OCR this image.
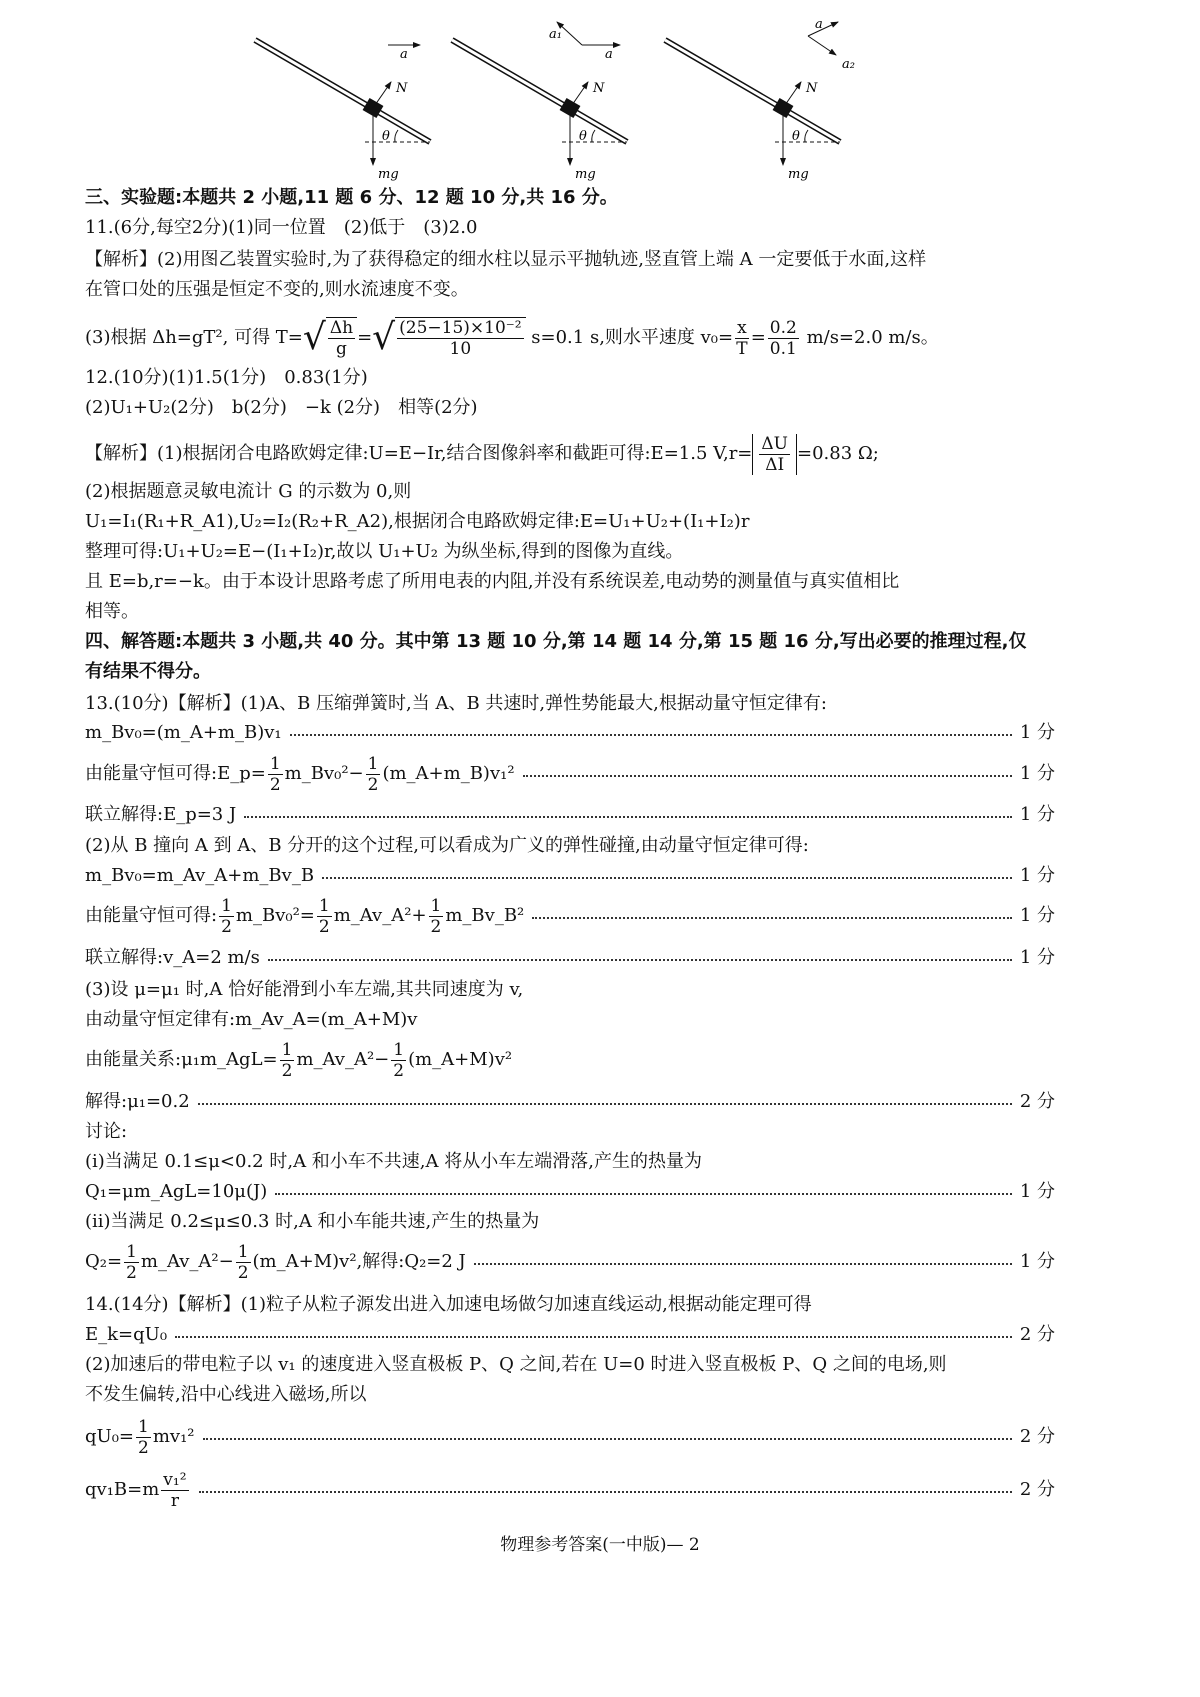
a
N
mg
θ
a₁
a
N
mg
θ
a
a₂
N
mg
θ
三、实验题:本题共 2 小题,11 题 6 分、12 题 10 分,共 16 分。
11.(6分,每空2分)(1)同一位置　(2)低于　(3)2.0
【解析】(2)用图乙装置实验时,为了获得稳定的细水柱以显示平抛轨迹,竖直管上端 A 一定要低于水面,这样
在管口处的压强是恒定不变的,则水流速度不变。
(3)根据 Δh=gT², 可得 T= √ $\frac{\Delta h}{g}$ = √ $\frac{\text{(25−15)×10⁻²}}{10} s=0.1$ s,则水平速度 $v_0= \frac{x}{T} = \frac{0.2}{0.1} m/s=2.0$ m/s。
12.(10分)(1)1.5(1分)　0.83(1分)
(2)U₁+U₂(2分)　b(2分)　−k (2分)　相等(2分)
【解析】(1)根据闭合电路欧姆定律:U=E−Ir,结合图像斜率和截距可得:E=1.5 $V,r= \frac{\Delta U}{\Delta I} =0.83$ Ω;
(2)根据题意灵敏电流计 G 的示数为 0,则
U₁=I₁(R₁+R_A1),U₂=I₂(R₂+R_A2),根据闭合电路欧姆定律:E=U₁+U₂+(I₁+I₂)r
整理可得:U₁+U₂=E−(I₁+I₂)r,故以 U₁+U₂ 为纵坐标,得到的图像为直线。
且 E=b,r=−k。由于本设计思路考虑了所用电表的内阻,并没有系统误差,电动势的测量值与真实值相比
相等。
四、解答题:本题共 3 小题,共 40 分。其中第 13 题 10 分,第 14 题 14 分,第 15 题 16 分,写出必要的推理过程,仅
有结果不得分。
13.(10分)【解析】(1)A、B 压缩弹簧时,当 A、B 共速时,弹性势能最大,根据动量守恒定律有:
m_Bv₀=(m_A+m_B)v₁	1 分
由能量守恒可得:E_p= $\frac{1}{2}$ m_Bv₀²− $\frac{1}{2}$ (m_A+m_B)v₁²	1 分
联立解得:E_p=3 J	1 分
(2)从 B 撞向 A 到 A、B 分开的这个过程,可以看成为广义的弹性碰撞,由动量守恒定律可得:
m_Bv₀=m_Av_A+m_Bv_B	1 分
由能量守恒可得: $\frac{1}{2}$ m_Bv₀²= $\frac{1}{2}$ m_Av_A²+ $\frac{1}{2}$ m_Bv_B²	1 分
联立解得:v_A=2 m/s	1 分
(3)设 μ=μ₁ 时,A 恰好能滑到小车左端,其共同速度为 v,
由动量守恒定律有:m_Av_A=(m_A+M)v
由能量关系:μ₁m_AgL= $\frac{1}{2}$ m_Av_A²− $\frac{1}{2}$ (m_A+M)v²
解得:μ₁=0.2	2 分
讨论:
(ⅰ)当满足 0.1≤μ<0.2 时,A 和小车不共速,A 将从小车左端滑落,产生的热量为
Q₁=μm_AgL=10μ(J)	1 分
(ⅱ)当满足 0.2≤μ≤0.3 时,A 和小车能共速,产生的热量为
$Q_2= \frac{1}{2}$ m_Av_A²− $\frac{1}{2}$ (m_A+M)v²,解得:Q₂=2 J	1 分
14.(14分)【解析】(1)粒子从粒子源发出进入加速电场做匀加速直线运动,根据动能定理可得
E_k=qU₀	2 分
(2)加速后的带电粒子以 v₁ 的速度进入竖直极板 P、Q 之间,若在 U=0 时进入竖直极板 P、Q 之间的电场,则
不发生偏转,沿中心线进入磁场,所以
$qU_0= \frac{1}{2} mv_1^2$	2 分
$qv_1B=m \frac{\text{v₁²}}{r}$	2 分
物理参考答案(一中版)— 2
